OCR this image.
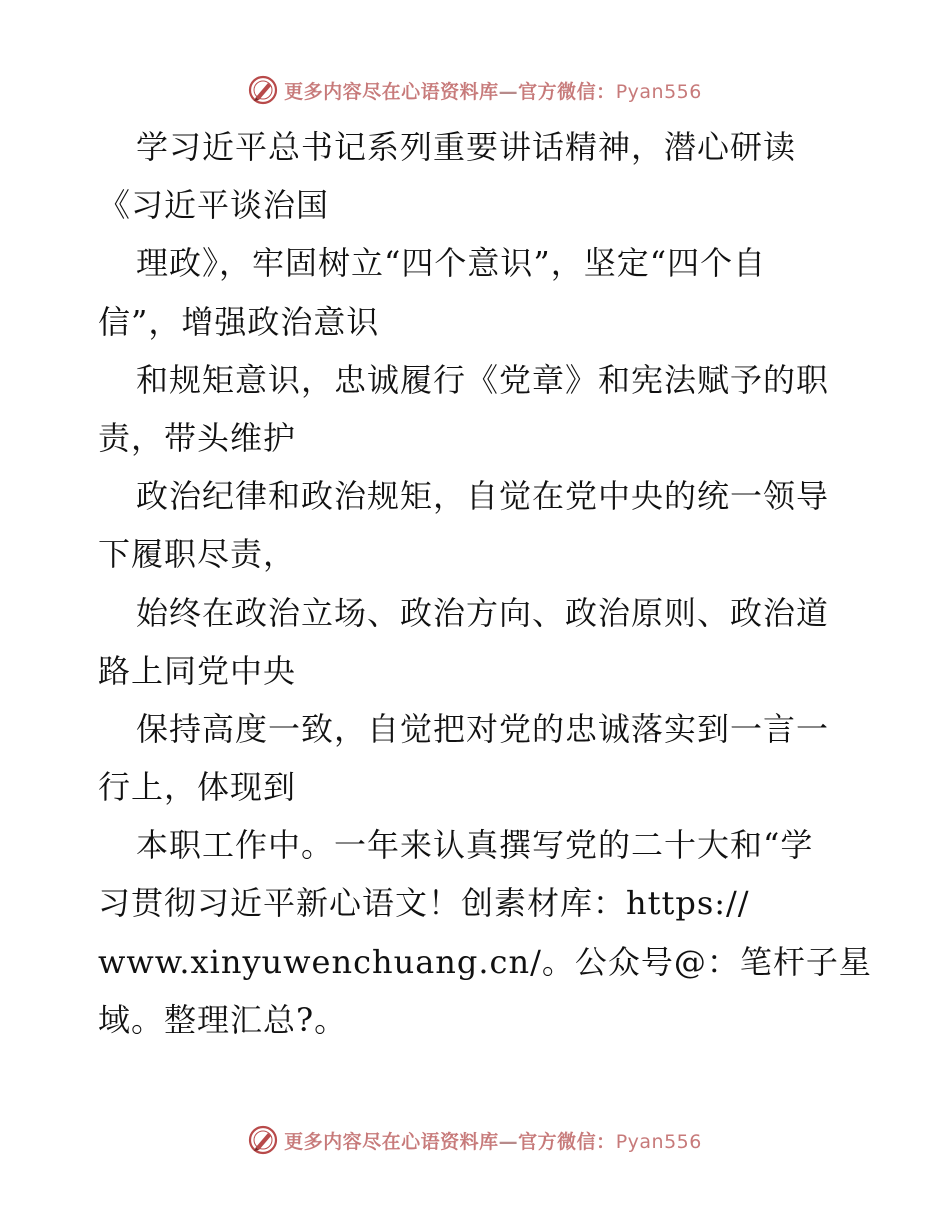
更多内容尽在心语资料库—官方微信：Pyan556
学习近平总书记系列重要讲话精神，潜心研读
《习近平谈治国
理政》，牢固树立“四个意识”，坚定“四个自
信”，增强政治意识
和规矩意识，忠诚履行《党章》和宪法赋予的职
责，带头维护
政治纪律和政治规矩，自觉在党中央的统一领导
下履职尽责，
始终在政治立场、政治方向、政治原则、政治道
路上同党中央
保持高度一致，自觉把对党的忠诚落实到一言一
行上，体现到
本职工作中。一年来认真撰写党的二十大和“学
习贯彻习近平新心语文！创素材库：https://
www.xinyuwenchuang.cn/。公众号@：笔杆子星
域。整理汇总?。
更多内容尽在心语资料库—官方微信：Pyan556
